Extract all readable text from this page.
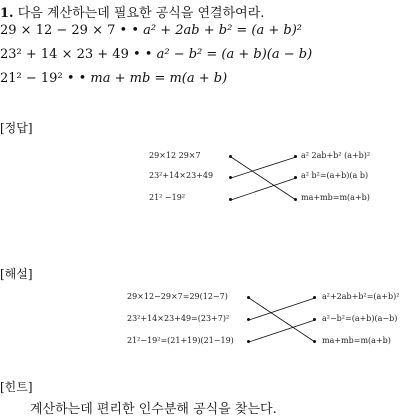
1. 다음 계산하는데 필요한 공식을 연결하여라.
29 × 12 − 29 × 7 • • a² + 2ab + b² = (a + b)²
23² + 14 × 23 + 49 • • a² − b² = (a + b)(a − b)
21² − 19² • • ma + mb = m(a + b)
[정답]
29×12 29×7
23²+14×23+49
21² −19²
a² 2ab+b² (a+b)²
a² b²=(a+b)(a b)
ma+mb=m(a+b)
[해설]
29×12−29×7=29(12−7)
23²+14×23+49=(23+7)²
21²−19²=(21+19)(21−19)
a²+2ab+b²=(a+b)²
a²−b²=(a+b)(a−b)
ma+mb=m(a+b)
[힌트]
계산하는데 편리한 인수분해 공식을 찾는다.
